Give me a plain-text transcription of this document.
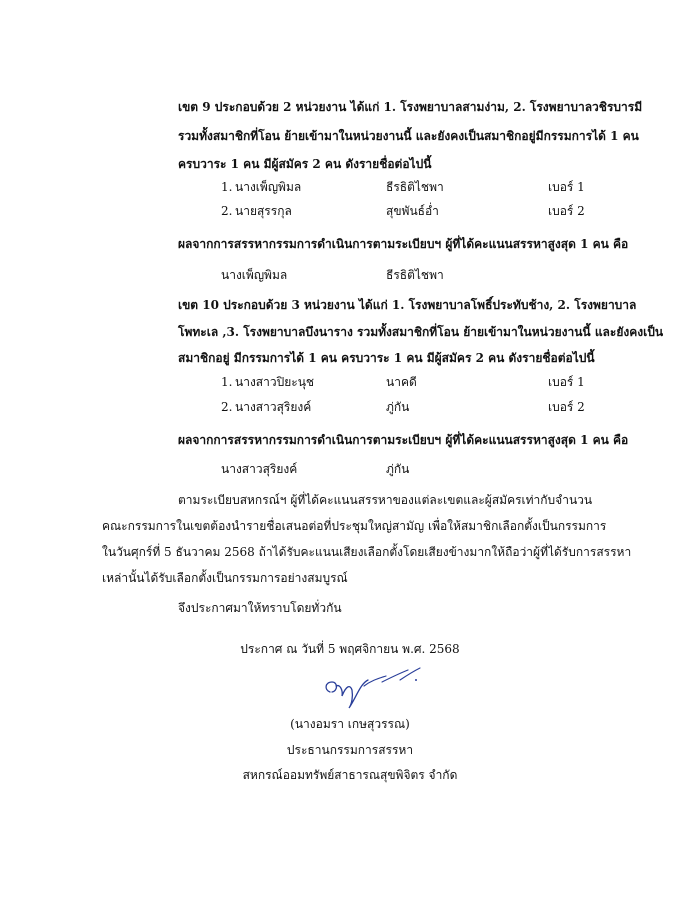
เขต 9 ประกอบด้วย 2 หน่วยงาน ได้แก่ 1. โรงพยาบาลสามง่าม, 2. โรงพยาบาลวชิรบารมี
รวมทั้งสมาชิกที่โอน ย้ายเข้ามาในหน่วยงานนี้ และยังคงเป็นสมาชิกอยู่มีกรรมการได้ 1 คน
ครบวาระ 1 คน มีผู้สมัคร 2 คน ดังรายชื่อต่อไปนี้
1. นางเพ็ญพิมล	ธีรธิติไชพา	เบอร์ 1
2. นายสุรรกุล	สุขพันธ์อ่ำ	เบอร์ 2
ผลจากการสรรหากรรมการดำเนินการตามระเบียบฯ ผู้ที่ได้คะแนนสรรหาสูงสุด 1 คน คือ
นางเพ็ญพิมล	ธีรธิติไชพา
เขต 10 ประกอบด้วย 3 หน่วยงาน ได้แก่ 1. โรงพยาบาลโพธิ์ประทับช้าง, 2. โรงพยาบาล
โพทะเล ,3. โรงพยาบาลบึงนาราง รวมทั้งสมาชิกที่โอน ย้ายเข้ามาในหน่วยงานนี้ และยังคงเป็น
สมาชิกอยู่ มีกรรมการได้ 1 คน ครบวาระ 1 คน มีผู้สมัคร 2 คน ดังรายชื่อต่อไปนี้
1. นางสาวปิยะนุช	นาคดี	เบอร์ 1
2. นางสาวสุริยงค์	ภู่กัน	เบอร์ 2
ผลจากการสรรหากรรมการดำเนินการตามระเบียบฯ ผู้ที่ได้คะแนนสรรหาสูงสุด 1 คน คือ
นางสาวสุริยงค์	ภู่กัน
ตามระเบียบสหกรณ์ฯ ผู้ที่ได้คะแนนสรรหาของแต่ละเขตและผู้สมัครเท่ากับจำนวน
คณะกรรมการในเขตต้องนำรายชื่อเสนอต่อที่ประชุมใหญ่สามัญ เพื่อให้สมาชิกเลือกตั้งเป็นกรรมการ
ในวันศุกร์ที่ 5 ธันวาคม 2568 ถ้าได้รับคะแนนเสียงเลือกตั้งโดยเสียงข้างมากให้ถือว่าผู้ที่ได้รับการสรรหา
เหล่านั้นได้รับเลือกตั้งเป็นกรรมการอย่างสมบูรณ์
จึงประกาศมาให้ทราบโดยทั่วกัน
ประกาศ ณ วันที่ 5 พฤศจิกายน พ.ศ. 2568
(นางอมรา เกษสุวรรณ)
ประธานกรรมการสรรหา
สหกรณ์ออมทรัพย์สาธารณสุขพิจิตร จำกัด
